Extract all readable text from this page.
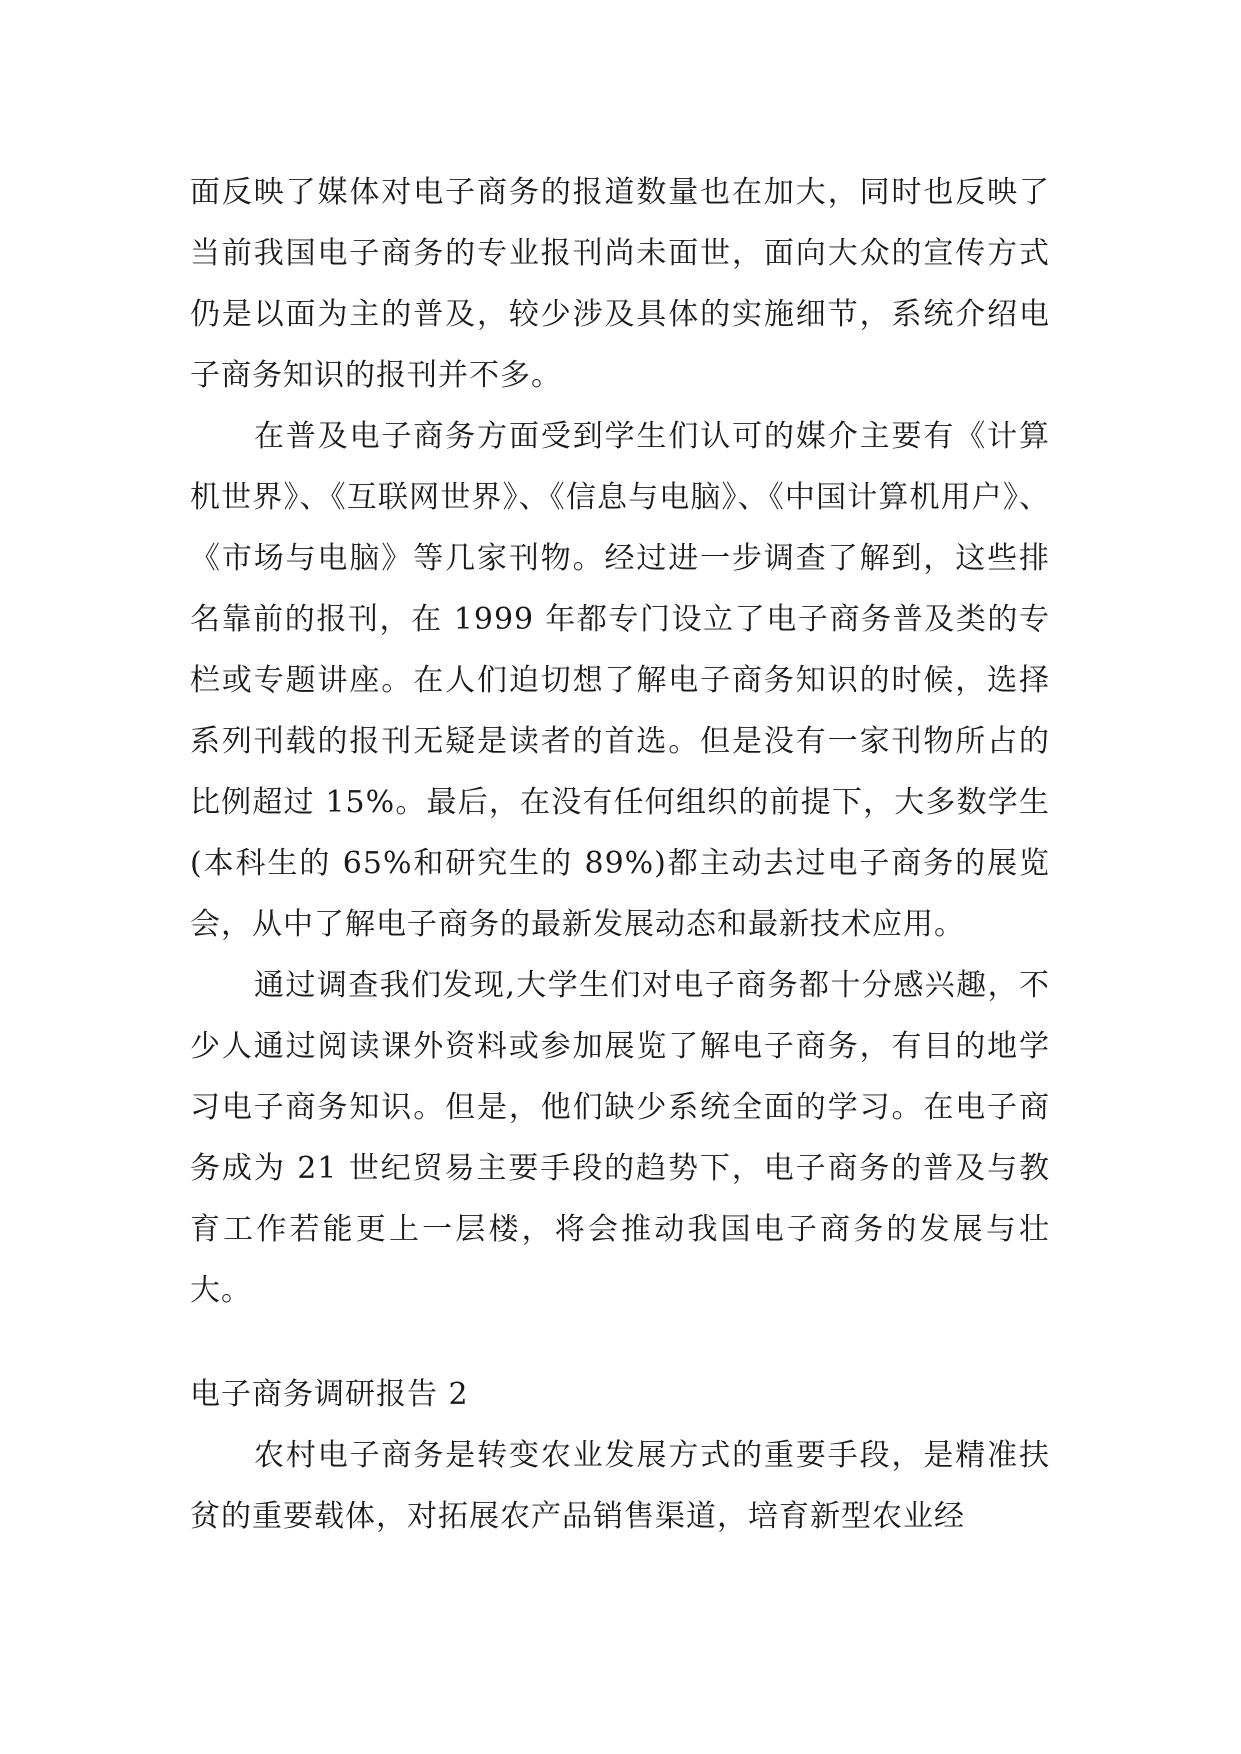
面反映了媒体对电子商务的报道数量也在加大，同时也反映了当前我国电子商务的专业报刊尚未面世，面向大众的宣传方式仍是以面为主的普及，较少涉及具体的实施细节，系统介绍电子商务知识的报刊并不多。

在普及电子商务方面受到学生们认可的媒介主要有《计算机世界》、《互联网世界》、《信息与电脑》、《中国计算机用户》、《市场与电脑》等几家刊物。经过进一步调查了解到，这些排名靠前的报刊，在 1999 年都专门设立了电子商务普及类的专栏或专题讲座。在人们迫切想了解电子商务知识的时候，选择系列刊载的报刊无疑是读者的首选。但是没有一家刊物所占的比例超过 15%。最后，在没有任何组织的前提下，大多数学生(本科生的 65%和研究生的 89%)都主动去过电子商务的展览会，从中了解电子商务的最新发展动态和最新技术应用。

通过调查我们发现,大学生们对电子商务都十分感兴趣，不少人通过阅读课外资料或参加展览了解电子商务，有目的地学习电子商务知识。但是，他们缺少系统全面的学习。在电子商务成为 21 世纪贸易主要手段的趋势下，电子商务的普及与教育工作若能更上一层楼，将会推动我国电子商务的发展与壮大。

电子商务调研报告 2

农村电子商务是转变农业发展方式的重要手段，是精准扶贫的重要载体，对拓展农产品销售渠道，培育新型农业经
